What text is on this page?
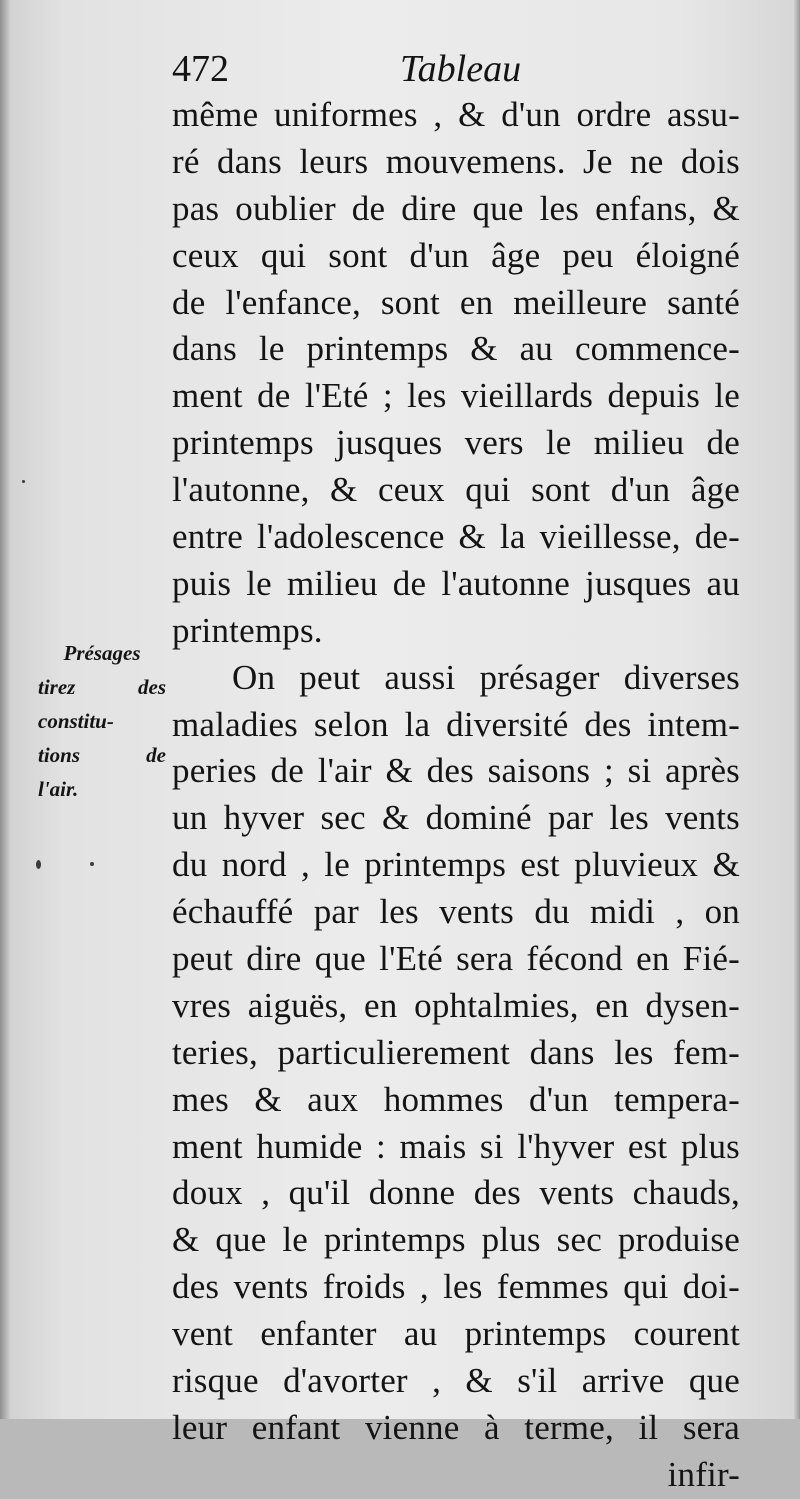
472	Tableau
même uniformes , & d'un ordre assu-
ré dans leurs mouvemens. Je ne dois
pas oublier de dire que les enfans, &
ceux qui sont d'un âge peu éloigné
de l'enfance, sont en meilleure santé
dans le printemps & au commence-
ment de l'Eté ; les vieillards depuis le
printemps jusques vers le milieu de
l'autonne, & ceux qui sont d'un âge
entre l'adolescence & la vieillesse, de-
puis le milieu de l'autonne jusques au
printemps.
On peut aussi présager diverses
maladies selon la diversité des intem-
peries de l'air & des saisons ; si après
un hyver sec & dominé par les vents
du nord , le printemps est pluvieux &
échauffé par les vents du midi , on
peut dire que l'Eté sera fécond en Fié-
vres aiguës, en ophtalmies, en dysen-
teries, particulierement dans les fem-
mes & aux hommes d'un tempera-
ment humide : mais si l'hyver est plus
doux , qu'il donne des vents chauds,
& que le printemps plus sec produise
des vents froids , les femmes qui doi-
vent enfanter au printemps courent
risque d'avorter , & s'il arrive que
leur enfant vienne à terme, il sera
infir-
Présages
tirez des
constitu-
tions de
l'air.
